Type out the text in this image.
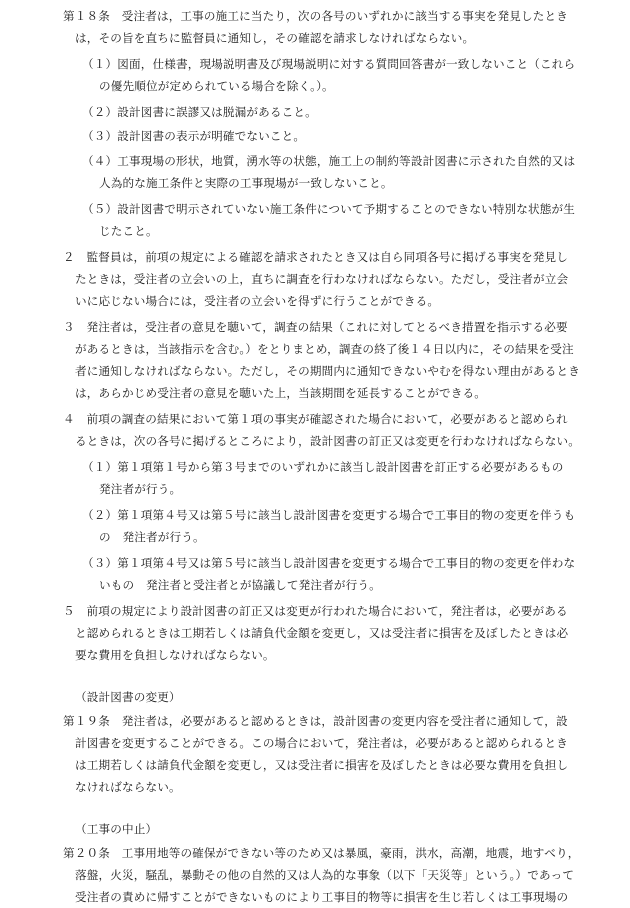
第１８条　受注者は，工事の施工に当たり，次の各号のいずれかに該当する事実を発見したとき
は，その旨を直ちに監督員に通知し，その確認を請求しなければならない。
（１）図面，仕様書，現場説明書及び現場説明に対する質問回答書が一致しないこと（これら
の優先順位が定められている場合を除く。）。
（２）設計図書に誤謬又は脱漏があること。
（３）設計図書の表示が明確でないこと。
（４）工事現場の形状，地質，湧水等の状態，施工上の制約等設計図書に示された自然的又は
人為的な施工条件と実際の工事現場が一致しないこと。
（５）設計図書で明示されていない施工条件について予期することのできない特別な状態が生
じたこと。
２　監督員は，前項の規定による確認を請求されたとき又は自ら同項各号に掲げる事実を発見し
たときは，受注者の立会いの上，直ちに調査を行わなければならない。ただし，受注者が立会
いに応じない場合には，受注者の立会いを得ずに行うことができる。
３　発注者は，受注者の意見を聴いて，調査の結果（これに対してとるべき措置を指示する必要
があるときは，当該指示を含む。）をとりまとめ，調査の終了後１４日以内に，その結果を受注
者に通知しなければならない。ただし，その期間内に通知できないやむを得ない理由があるとき
は，あらかじめ受注者の意見を聴いた上，当該期間を延長することができる。
４　前項の調査の結果において第１項の事実が確認された場合において，必要があると認められ
るときは，次の各号に掲げるところにより，設計図書の訂正又は変更を行わなければならない。
（１）第１項第１号から第３号までのいずれかに該当し設計図書を訂正する必要があるもの
発注者が行う。
（２）第１項第４号又は第５号に該当し設計図書を変更する場合で工事目的物の変更を伴うも
の　発注者が行う。
（３）第１項第４号又は第５号に該当し設計図書を変更する場合で工事目的物の変更を伴わな
いもの　発注者と受注者とが協議して発注者が行う。
５　前項の規定により設計図書の訂正又は変更が行われた場合において，発注者は，必要がある
と認められるときは工期若しくは請負代金額を変更し，又は受注者に損害を及ぼしたときは必
要な費用を負担しなければならない。
（設計図書の変更）
第１９条　発注者は，必要があると認めるときは，設計図書の変更内容を受注者に通知して，設
計図書を変更することができる。この場合において，発注者は，必要があると認められるとき
は工期若しくは請負代金額を変更し，又は受注者に損害を及ぼしたときは必要な費用を負担し
なければならない。
（工事の中止）
第２０条　工事用地等の確保ができない等のため又は暴風，豪雨，洪水，高潮，地震，地すべり，
落盤，火災，騒乱，暴動その他の自然的又は人為的な事象（以下「天災等」という。）であって
受注者の責めに帰すことができないものにより工事目的物等に損害を生じ若しくは工事現場の
